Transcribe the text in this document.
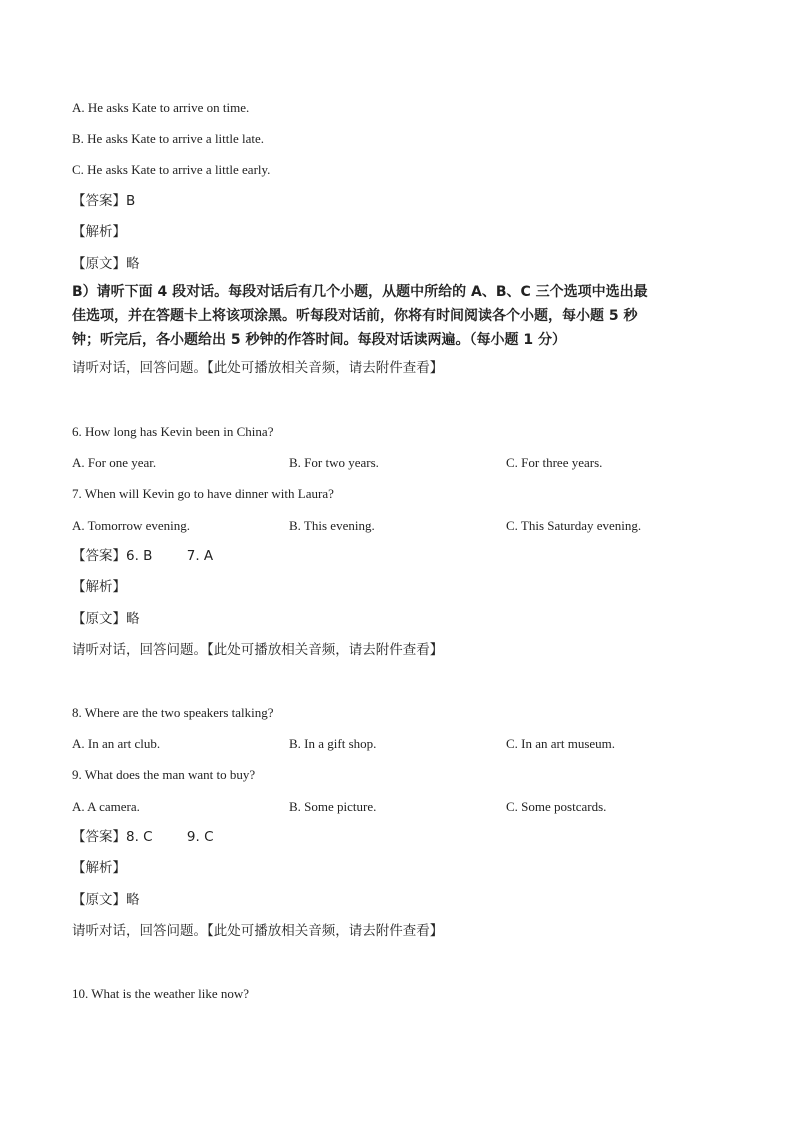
A. He asks Kate to arrive on time.
B. He asks Kate to arrive a little late.
C. He asks Kate to arrive a little early.
【答案】B
【解析】
【原文】略
B）请听下面 4 段对话。每段对话后有几个小题，从题中所给的 A、B、C 三个选项中选出最
佳选项，并在答题卡上将该项涂黑。听每段对话前，你将有时间阅读各个小题，每小题 5 秒
钟；听完后，各小题给出 5 秒钟的作答时间。每段对话读两遍。（每小题 1 分）
请听对话，回答问题。【此处可播放相关音频，请去附件查看】
6. How long has Kevin been in China?
A. For one year.	B. For two years.	C. For three years.
7. When will Kevin go to have dinner with Laura?
A. Tomorrow evening.	B. This evening.	C. This Saturday evening.
【答案】6. B        7. A
【解析】
【原文】略
请听对话，回答问题。【此处可播放相关音频，请去附件查看】
8. Where are the two speakers talking?
A. In an art club.	B. In a gift shop.	C. In an art museum.
9. What does the man want to buy?
A. A camera.	B. Some picture.	C. Some postcards.
【答案】8. C        9. C
【解析】
【原文】略
请听对话，回答问题。【此处可播放相关音频，请去附件查看】
10. What is the weather like now?
